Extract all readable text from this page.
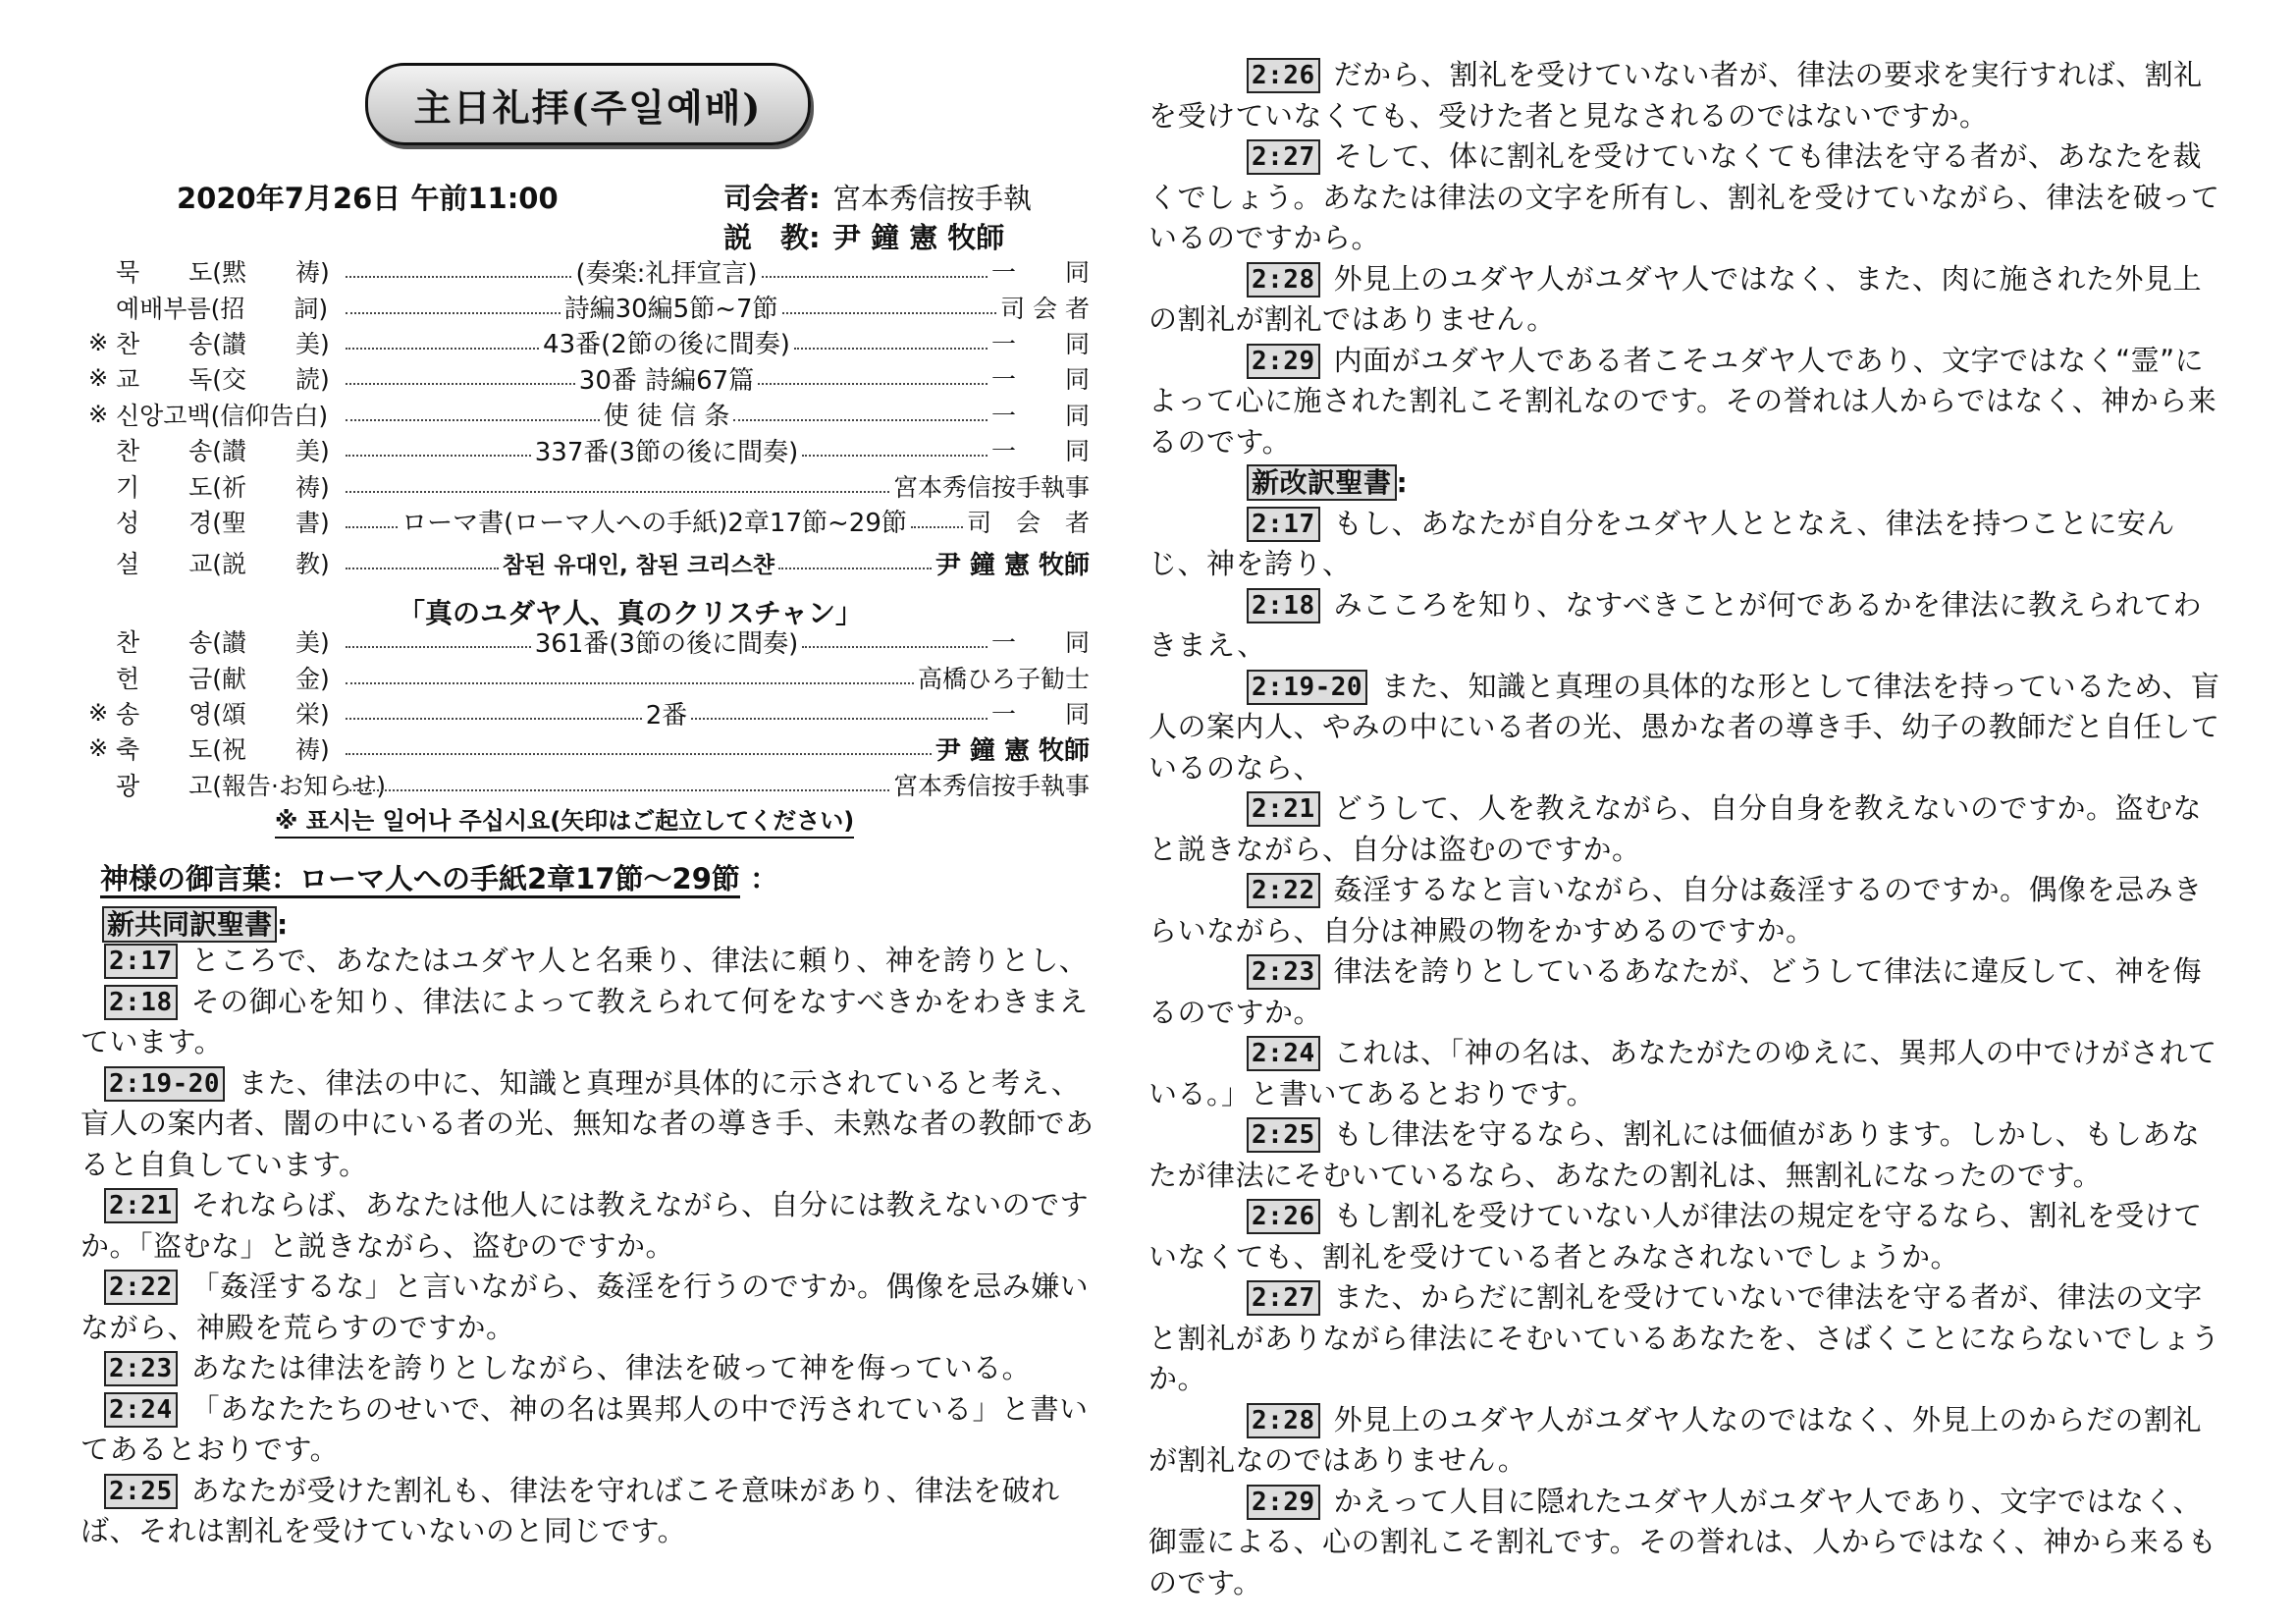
主日礼拝(주일예배)
2020年7月26日 午前11:00	司会者: 宮本秀信按手執
説　教: 尹 鐘 憲 牧師
묵　　도(黙　　祷)	(奏楽:礼拝宣言)	一　　同
예배부름(招　　詞)	詩編30編5節~7節	司 会 者
※ 찬　　송(讃　　美)	43番(2節の後に間奏)	一　　同
※ 교　　독(交　　読)	30番 詩編67篇	一　　同
※ 신앙고백(信仰告白)	使 徒 信 条	一　　同
찬　　송(讃　　美)	337番(3節の後に間奏)	一　　同
기　　도(祈　　祷)	宮本秀信按手執事
성　　경(聖　　書)	ローマ書(ローマ人への手紙)2章17節~29節 司　会　者
설　　교(説　　教)	참된 유대인, 참된 크리스챤	尹 鐘 憲 牧師
찬　　송(讃　　美)	361番(3節の後に間奏)	一　　同
헌　　금(献　　金)	高橋ひろ子勧士
※ 송　　영(頌　　栄)	2番	一　　同
※ 축　　도(祝　　祷)	尹 鐘 憲 牧師
광　　고(報告·お知らせ)	宮本秀信按手執事
「真のユダヤ人、真のクリスチャン」
※ 표시는 일어나 주십시요(矢印はご起立してください)
神様の御言葉：ローマ人への手紙2章17節～29節 ：
新共同訳聖書 :

2:17 ところで、あなたはユダヤ人と名乗り、律法に頼り、神を誇りとし、

2:18 その御心を知り、律法によって教えられて何をなすべきかをわきまえています。

2:19-20 また、律法の中に、知識と真理が具体的に示されていると考え、盲人の案内者、闇の中にいる者の光、無知な者の導き手、未熟な者の教師であると自負しています。

2:21 それならば、あなたは他人には教えながら、自分には教えないのですか。「盗むな」と説きながら、盗むのですか。

2:22 「姦淫するな」と言いながら、姦淫を行うのですか。偶像を忌み嫌いながら、神殿を荒らすのですか。

2:23 あなたは律法を誇りとしながら、律法を破って神を侮っている。

2:24 「あなたたちのせいで、神の名は異邦人の中で汚されている」と書いてあるとおりです。

2:25 あなたが受けた割礼も、律法を守ればこそ意味があり、律法を破れば、それは割礼を受けていないのと同じです。

2:26 だから、割礼を受けていない者が、律法の要求を実行すれば、割礼を受けていなくても、受けた者と見なされるのではないですか。

2:27 そして、体に割礼を受けていなくても律法を守る者が、あなたを裁くでしょう。あなたは律法の文字を所有し、割礼を受けていながら、律法を破っているのですから。

2:28 外見上のユダヤ人がユダヤ人ではなく、また、肉に施された外見上の割礼が割礼ではありません。

2:29 内面がユダヤ人である者こそユダヤ人であり、文字ではなく“霊”によって心に施された割礼こそ割礼なのです。その誉れは人からではなく、神から来るのです。

新改訳聖書 :

2:17 もし、あなたが自分をユダヤ人ととなえ、律法を持つことに安んじ、神を誇り、

2:18 みこころを知り、なすべきことが何であるかを律法に教えられてわきまえ、

2:19-20 また、知識と真理の具体的な形として律法を持っているため、盲人の案内人、やみの中にいる者の光、愚かな者の導き手、幼子の教師だと自任しているのなら、

2:21 どうして、人を教えながら、自分自身を教えないのですか。盗むなと説きながら、自分は盗むのですか。

2:22 姦淫するなと言いながら、自分は姦淫するのですか。偶像を忌みきらいながら、自分は神殿の物をかすめるのですか。

2:23 律法を誇りとしているあなたが、どうして律法に違反して、神を侮るのですか。

2:24 これは、「神の名は、あなたがたのゆえに、異邦人の中でけがされている。」と書いてあるとおりです。

2:25 もし律法を守るなら、割礼には価値があります。しかし、もしあなたが律法にそむいているなら、あなたの割礼は、無割礼になったのです。

2:26 もし割礼を受けていない人が律法の規定を守るなら、割礼を受けていなくても、割礼を受けている者とみなされないでしょうか。

2:27 また、からだに割礼を受けていないで律法を守る者が、律法の文字と割礼がありながら律法にそむいているあなたを、さばくことにならないでしょうか。

2:28 外見上のユダヤ人がユダヤ人なのではなく、外見上のからだの割礼が割礼なのではありません。

2:29 かえって人目に隠れたユダヤ人がユダヤ人であり、文字ではなく、御霊による、心の割礼こそ割礼です。その誉れは、人からではなく、神から来るものです。
